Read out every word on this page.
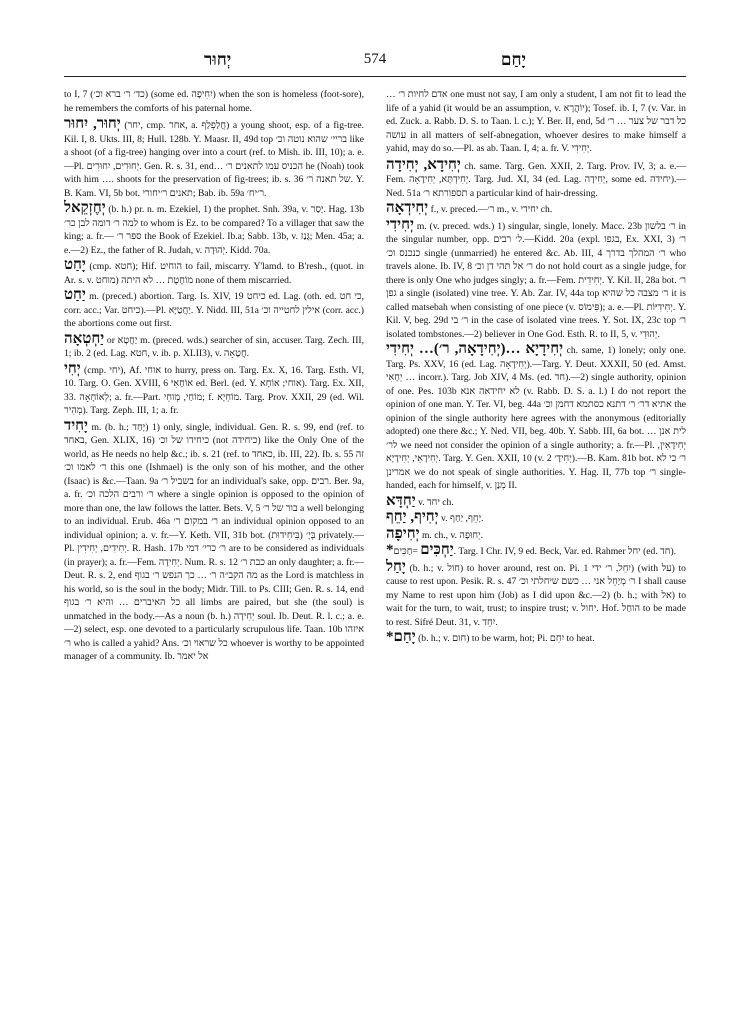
יְחוּר	574	יָחַם

to I, 7 (כד׳ ר׳ ברא וכ׳) (some ed. יִחִיפָה) when the son is homeless (foot-sore), he remembers the comforts of his paternal home.

יְחוּר, יִחוּר (יחר, cmp. אחר, a. חֲלַפְלַף) a young shoot, esp. of a fig-tree. Kil. I, 8. Ukts. III, 8; Hull. 128b. Y. Maasr. II, 49d top בריי׳ שהוא נוטה וכ׳ like a shoot (of a fig-tree) hanging over into a court (ref. to Mish. ib. III, 10); a. e.—Pl. יְחוּרִים, יִחוּרִים. Gen. R. s. 31, end… הכניס עמו לתאנים ר׳ he (Noah) took with him …. shoots for the preservation of fig-trees; ib. s. 36 של תאנה ר׳. Y. B. Kam. VI, 5b bot. תאנים ר׳יחורי; Bab. ib. 59a ר׳יח׳.

יְחֶזְקֵאל (b. h.) pr. n. m. Ezekiel, 1) the prophet. Snh. 39a, v. יָסַר. Hag. 13b למה ר׳ דומה לבן כר׳ to whom is Ez. to be compared? To a villager that saw the king; a. fr.— ספר ר׳ the Book of Ezekiel. Ib.a; Sabb. 13b, v. גָּנַז; Men. 45a; a. e.—2) Ez., the father of R. Judah, v. יְהוּדָה. Kidd. 70a.

יָחַט (cmp. חטא); Hif. הוחיט to fail, miscarry. Y'lamd. to B'resh., (quot. in Ar. s. v. מוחט) מוֹחֶטֶת … לא היתה none of them miscarried.

יַחַט m. (preced.) abortion. Targ. Is. XIV, 19 כיחט ed. Lag. (oth. ed. כי חט, corr. acc.; Var. כיחט).—Pl. יַחֲטַיָּא. Y. Nidd. III, 51a אילין לחטייה וכ׳ (corr. acc.) the abortions come out first.

יַחְטְאָה or יַחֲטָא m. (preced. wds.) searcher of sin, accuser. Targ. Zech. III, 1; ib. 2 (ed. Lag. חטא, v. ib. p. XLII3), v. חֲטָאָה.

יְחִי (cmp. יחי), Af. אוחי to hurry, press on. Targ. Ex. X, 16. Targ. Esth. VI, 10. Targ. O. Gen. XVIII, 6 אוֹחָאִי ed. Berl. (ed. Y. אוחי; אוֹחָא). Targ. Ex. XII, 33. לְאוֹחָאָה; a. fr.—Part. מוֹחַי, מְוחֵי; f. מוֹחְיָא. Targ. Prov. XXII, 29 (ed. Wil. מְהִיר). Targ. Zeph. III, 1; a. fr.

יָחִיד m. (b. h.; יָחַד) 1) only, single, individual. Gen. R. s. 99, end (ref. to באחד, Gen. XLIX, 16) כיחידו של וכ׳ (not כיחידה) like the Only One of the world, as He needs no help &c.; ib. s. 21 (ref. to כאחד, ib. III, 22). Ib. s. 55 זה ר׳ לאמו וכ׳ this one (Ishmael) is the only son of his mother, and the other (Isaac) is &c.—Taan. 9a בשביל ר׳ for an individual's sake, opp. רבים. Ber. 9a, a. fr. ר׳ ורבים הלכה וכ׳ where a single opinion is opposed to the opinion of more than one, the law follows the latter. Bets. V, 5 בור של ר׳ a well belonging to an individual. Erub. 46a ר׳ במקום ר׳ an individual opinion opposed to an individual opinion; a. v. fr.—Y. Keth. VII, 31b bot. בְּיָ׳ (בִּיחִידוּת) privately.—Pl. יְחִידִים, יְחִידִין. R. Hash. 17b ר׳ כרי׳ דמי are to be considered as individuals (in prayer); a. fr.—Fem. יְחִידָה. Num. R. s. 12 כבת ר׳ an only daughter; a. fr.—Deut. R. s. 2, end מה הקב״ה ר׳ … כך הנפש ר׳ בגוף as the Lord is matchless in his world, so is the soul in the body; Midr. Till. to Ps. CIII; Gen. R. s. 14, end כל האיברים … והיא ר׳ בגוף all limbs are paired, but she (the soul) is unmatched in the body.—As a noun (b. h.) יְחִידָה soul. Ib. Deut. R. l. c.; a. e.—2) select, esp. one devoted to a particularly scrupulous life. Taan. 10b איזהו ר׳ who is called a yahid? Ans. כל שראוי וכ׳ whoever is worthy to be appointed manager of a community. Ib. אל יאמר

… אדם לחיות ר׳ one must not say, I am only a student, I am not fit to lead the life of a yahid (it would be an assumption, v. יוֹהֲרָא); Tosef. ib. I, 7 (v. Var. in ed. Zuck. a. Rabb. D. S. to Taan. l. c.); Y. Ber. II, end, 5d כל דבר של צער … ר׳ עושה in all matters of self-abnegation, whoever desires to make himself a yahid, may do so.—Pl. as ab. Taan. I, 4; a. fr. V. יְחִידִי.

יְחִידָא, יְחִידָה ch. same. Targ. Gen. XXII, 2. Targ. Prov. IV, 3; a. e.—Fem. יְחִידְתָּא, יְחִידָאָה. Targ. Jud. XI, 34 (ed. Lag. יְחִידָה, some ed. יחידה).—Ned. 51a תספורתא ר׳ a particular kind of hair-dressing.

יְחִידְאָה f., v. preced.—ר׳ m., v. יחידי ch.

יְחִידִי m. (v. preced. wds.) 1) singular, single, lonely. Macc. 23b ר׳ בלשון in the singular number, opp. ל׳ רבים.—Kidd. 20a (expl. בגפו, Ex. XXI, 3) ר׳ כנכנס וכ׳ single (unmarried) he entered &c. Ab. III, 4 ר׳ המהלך בדרך who travels alone. Ib. IV, 8 ר׳ אל תהי דן וכ׳ do not hold court as a single judge, for there is only One who judges singly; a. fr.—Fem. יְחִידִית. Y. Kil. II, 28a bot. ר׳ גפן a single (isolated) vine tree. Y. Ab. Zar. IV, 44a top ר׳ מצבה כל שהיא it is called matsebah when consisting of one piece (v. פִּימוֹס); a. e.—Pl. יְחִידִיּוֹת. Y. Kil. V, beg. 29d ר׳ בי in the case of isolated vine trees. Y. Sot. IX, 23c top ר׳ isolated tombstones.—2) believer in One God. Esth. R. to II, 5, v. יְהוּדִי.

יְחִידָיָא …(יְחִידָאָה, ר׳)… יְחִידִי ch. same, 1) lonely; only one. Targ. Ps. XXV, 16 (ed. Lag. יְחִידָאָה).—Targ. Y. Deut. XXXII, 50 (ed. Amst. יְחָאִי … incorr.). Targ. Job XIV, 4 Ms. (ed. חד).—2) single authority, opinion of one. Pes. 103b לא יחידאה אנא (v. Rabb. D. S. a. l.) I do not report the opinion of one man. Y. Ter. VI, beg. 44a אתיא דר׳ ר׳ דתנא כסתמא דחמן וכ׳ the opinion of the single authority here agrees with the anonymous (editorially adopted) one there &c.; Y. Ned. VII, beg. 40b. Y. Sabb. III, 6a bot. לית אנן … לר׳ we need not consider the opinion of a single authority; a. fr.—Pl. יְחִידָאִין, יְחִידָאֵי, יְחִידָיָא. Targ. Y. Gen. XXII, 10 (v. יְחִידָ׳ 2).—B. Kam. 81b bot. ר׳ כי לא אמרינן we do not speak of single authorities. Y. Hag. II, 77b top ר׳ single-handed, each for himself, v. מְנַן II.

יַחְדָּא v. יחד ch.

יְחִיף, יַחֵף v. יָחֵף, יַחַף.

יְחִיפָה m. ch., v. יְחוּפָה.

*יַחְכִּים =חַכִּים. Targ. I Chr. IV, 9 ed. Beck, Var. ed. Rahmer יחל (ed. חד).

יָחַל (b. h.; v. חול) to hover around, rest on. Pi. יִחֵל, ר׳ ידי 1) (with על) to cause to rest upon. Pesik. R. s. 47 ר׳ מְיַחֵל אני … כשם שיחלתי וכ׳ I shall cause my Name to rest upon him (Job) as I did upon &c.—2) (b. h.; with אל) to wait for the turn, to wait, trust; to inspire trust; v. יחול. Hof. הוחַל to be made to rest. Sifré Deut. 31, v. יִחֵד.

*יָחַם (b. h.; v. חום) to be warm, hot; Pi. יִחֵם to heat.
